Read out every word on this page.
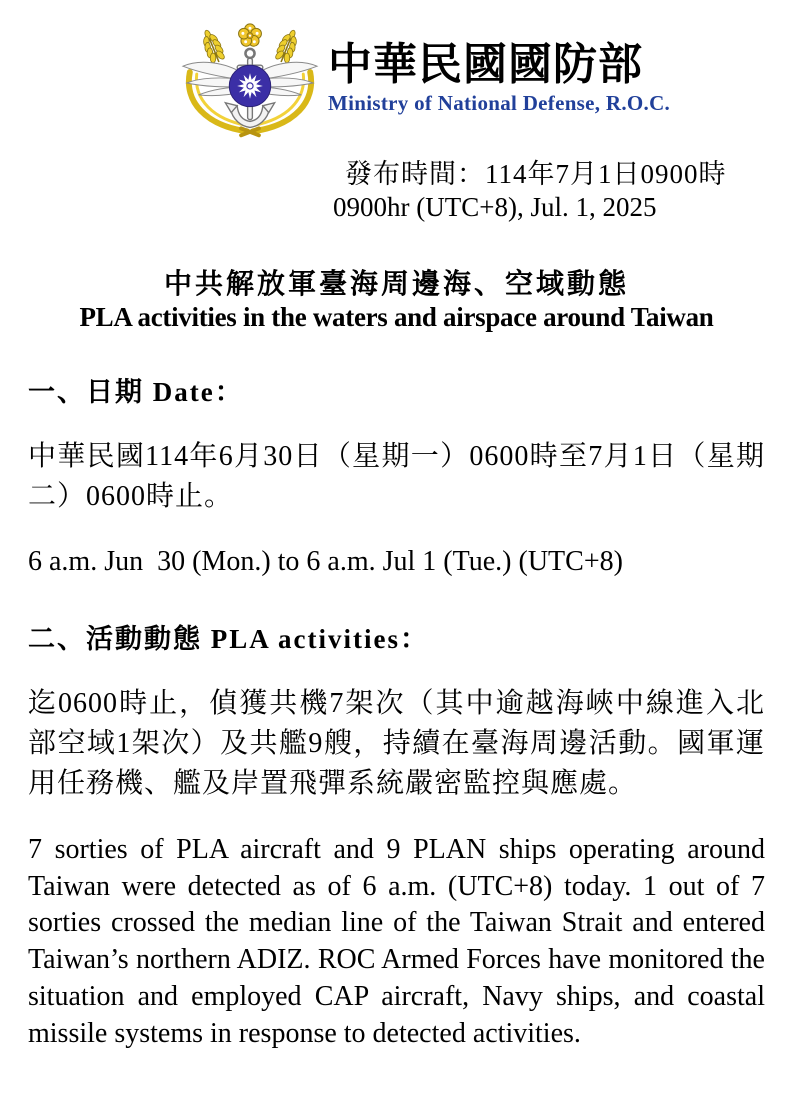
中華民國國防部
Ministry of National Defense, R.O.C.
發布時間：114年7月1日0900時
0900hr (UTC+8), Jul. 1, 2025
中共解放軍臺海周邊海、空域動態
PLA activities in the waters and airspace around Taiwan
一、日期 Date：

中華民國114年6月30日（星期一）0600時至7月1日（星期二）0600時止。

6 a.m. Jun  30 (Mon.) to 6 a.m. Jul 1 (Tue.) (UTC+8)

二、活動動態 PLA activities：

迄0600時止，偵獲共機7架次（其中逾越海峽中線進入北部空域1架次）及共艦9艘，持續在臺海周邊活動。國軍運用任務機、艦及岸置飛彈系統嚴密監控與應處。

7 sorties of PLA aircraft and 9 PLAN ships operating around Taiwan were detected as of 6 a.m. (UTC+8) today. 1 out of 7 sorties crossed the median line of the Taiwan Strait and entered Taiwan’s northern ADIZ. ROC Armed Forces have monitored the situation and employed CAP aircraft, Navy ships, and coastal missile systems in response to detected activities.
